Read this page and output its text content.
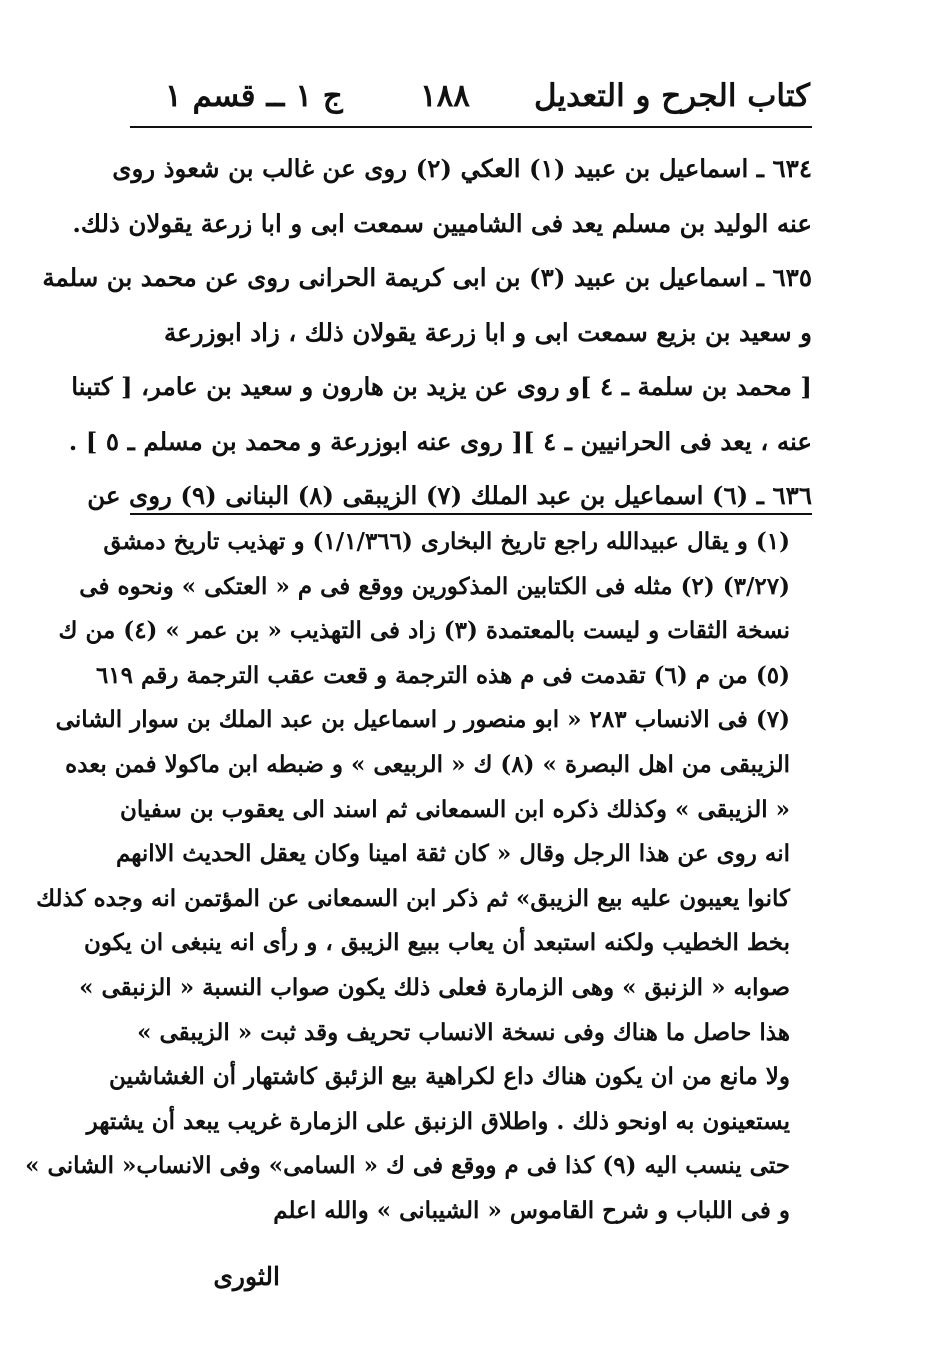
كتاب الجرح و التعديل
١٨٨
ج ١ ــ قسم ١
٦٣٤ ـ اسماعيل بن عبيد (١) العكي (٢) روى عن غالب بن شعوذ روى
عنه الوليد بن مسلم يعد فى الشاميين سمعت ابى و ابا زرعة يقولان ذلك.
٦٣٥ ـ اسماعيل بن عبيد (٣) بن ابى كريمة الحرانى روى عن محمد بن سلمة
و سعيد بن بزيع سمعت ابى و ابا زرعة يقولان ذلك ، زاد ابوزرعة
[ محمد بن سلمة ـ ٤ ]و روى عن يزيد بن هارون و سعيد بن عامر، [ كتبنا
عنه ، يعد فى الحرانيين ـ ٤ ][ روى عنه ابوزرعة و محمد بن مسلم ـ ٥ ] .
٦٣٦ ـ (٦) اسماعيل بن عبد الملك (٧) الزيبقى (٨) البنانى (٩) روى عن
(١) و يقال عبيدالله راجع تاريخ البخارى (١/١/٣٦٦) و تهذيب تاريخ دمشق
(٣/٢٧) (٢) مثله فى الكتابين المذكورين ووقع فى م « العتكى » ونحوه فى
نسخة الثقات و ليست بالمعتمدة (٣) زاد فى التهذيب « بن عمر » (٤) من ك
(٥) من م (٦) تقدمت فى م هذه الترجمة و قعت عقب الترجمة رقم ٦١٩
(٧) فى الانساب ٢٨٣ « ابو منصور ر اسماعيل بن عبد الملك بن سوار الشانى
الزيبقى من اهل البصرة » (٨) ك « الربيعى » و ضبطه ابن ماكولا فمن بعده
« الزيبقى » وكذلك ذكره ابن السمعانى ثم اسند الى يعقوب بن سفيان
انه روى عن هذا الرجل وقال « كان ثقة امينا وكان يعقل الحديث الاانهم
كانوا يعيبون عليه بيع الزيبق» ثم ذكر ابن السمعانى عن المؤتمن انه وجده كذلك
بخط الخطيب ولكنه استبعد أن يعاب ببيع الزيبق ، و رأى انه ينبغى ان يكون
صوابه « الزنبق » وهى الزمارة فعلى ذلك يكون صواب النسبة « الزنبقى »
هذا حاصل ما هناك وفى نسخة الانساب تحريف وقد ثبت « الزيبقى »
ولا مانع من ان يكون هناك داع لكراهية بيع الزئبق كاشتهار أن الغشاشين
يستعينون به اونحو ذلك . واطلاق الزنبق على الزمارة غريب يبعد أن يشتهر
حتى ينسب اليه (٩) كذا فى م ووقع فى ك « السامى» وفى الانساب« الشانى »
و فى اللباب و شرح القاموس « الشيبانى » والله اعلم
الثورى
